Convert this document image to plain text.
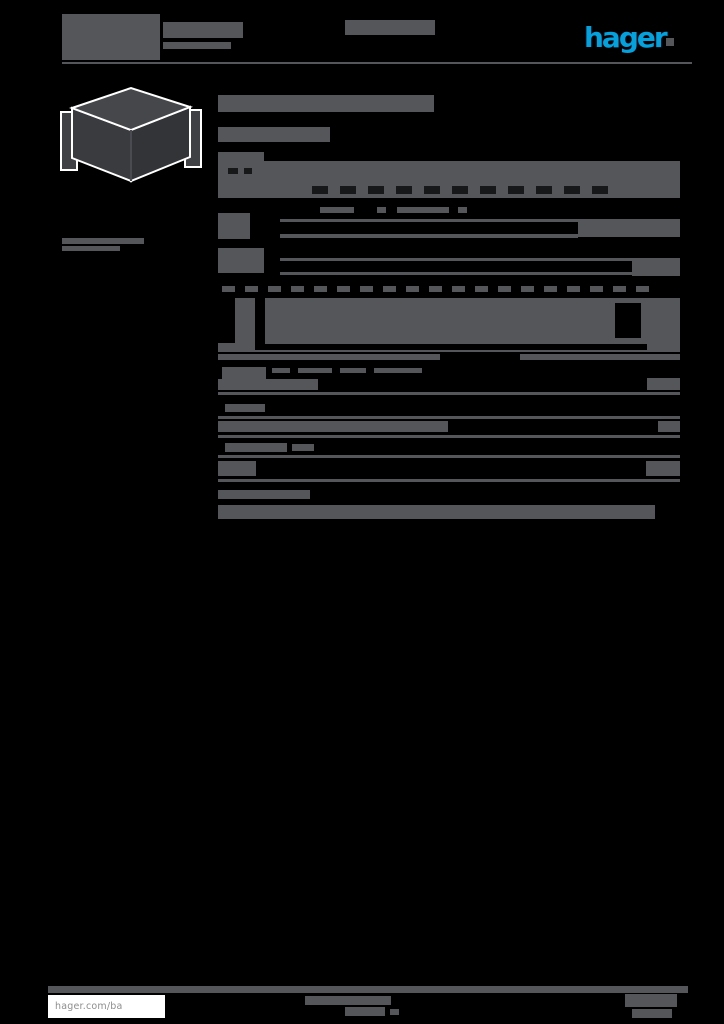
hager
hager.com/ba
